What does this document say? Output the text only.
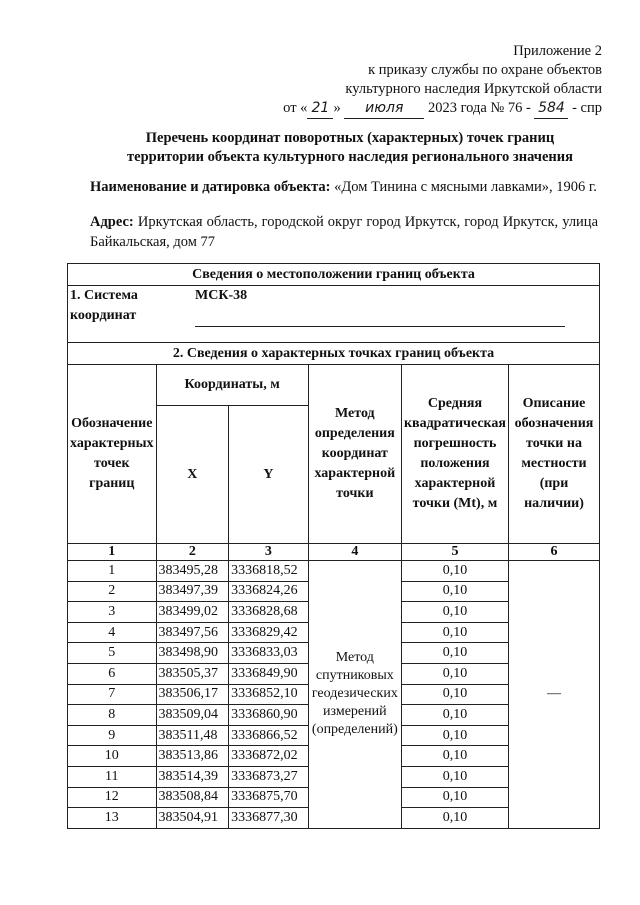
Приложение 2
к приказу службы по охране объектов
культурного наследия Иркутской области
от « 21 » июля 2023 года № 76 - 584 - спр
Перечень координат поворотных (характерных) точек границ
территории объекта культурного наследия регионального значения
Наименование и датировка объекта: «Дом Тинина с мясными лавками», 1906 г.
Адрес: Иркутская область, городской округ город Иркутск, город Иркутск, улица Байкальская, дом 77
Сведения о местоположении границ объекта					

1. Система координат
МСК-38					

2. Сведения о характерных точках границ объекта					
Обозначение характерных точек границ	Координаты, м		Метод определения координат характерной точки	Средняя квадратическая погрешность положения характерной точки (Mt), м	Описание обозначения точки на местности (при наличии)
	X	Y			
1	2	3	4	5	6
1	383495,28	3336818,52	Метод спутниковых геодезических измерений (определений)	0,10	—
2	383497,39	3336824,26		0,10	
3	383499,02	3336828,68		0,10	
4	383497,56	3336829,42		0,10	
5	383498,90	3336833,03		0,10	
6	383505,37	3336849,90		0,10	
7	383506,17	3336852,10		0,10	
8	383509,04	3336860,90		0,10	
9	383511,48	3336866,52		0,10	
10	383513,86	3336872,02		0,10	
11	383514,39	3336873,27		0,10	
12	383508,84	3336875,70		0,10	
13	383504,91	3336877,30		0,10	
